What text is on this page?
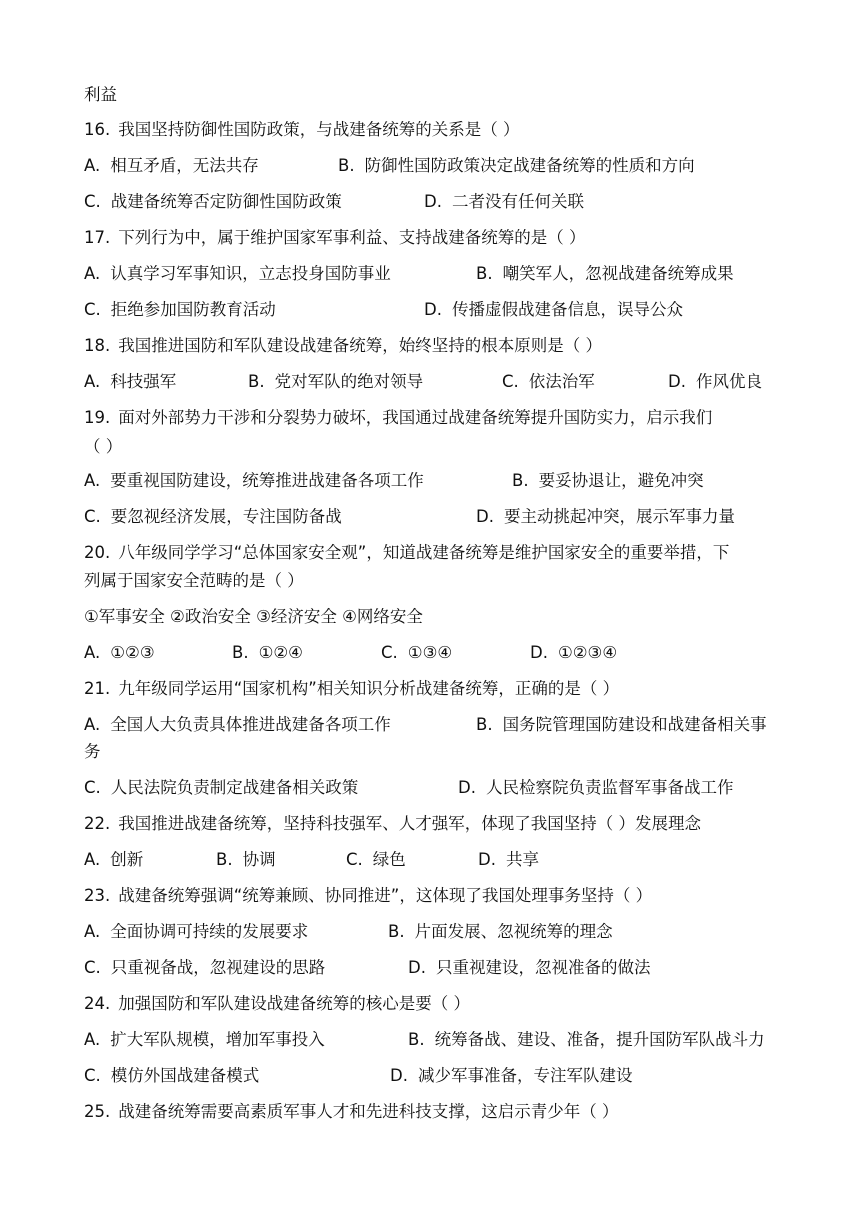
利益
16. 我国坚持防御性国防政策，与战建备统筹的关系是（ ）
A. 相互矛盾，无法共存	B. 防御性国防政策决定战建备统筹的性质和方向
C. 战建备统筹否定防御性国防政策	D. 二者没有任何关联
17. 下列行为中，属于维护国家军事利益、支持战建备统筹的是（ ）
A. 认真学习军事知识，立志投身国防事业	B. 嘲笑军人，忽视战建备统筹成果
C. 拒绝参加国防教育活动	D. 传播虚假战建备信息，误导公众
18. 我国推进国防和军队建设战建备统筹，始终坚持的根本原则是（ ）
A. 科技强军	B. 党对军队的绝对领导	C. 依法治军	D. 作风优良
19. 面对外部势力干涉和分裂势力破坏，我国通过战建备统筹提升国防实力，启示我们
（ ）
A. 要重视国防建设，统筹推进战建备各项工作	B. 要妥协退让，避免冲突
C. 要忽视经济发展，专注国防备战	D. 要主动挑起冲突，展示军事力量
20. 八年级同学学习“总体国家安全观”，知道战建备统筹是维护国家安全的重要举措，下
列属于国家安全范畴的是（ ）
①军事安全 ②政治安全 ③经济安全 ④网络安全
A. ①②③	B. ①②④	C. ①③④	D. ①②③④
21. 九年级同学运用“国家机构”相关知识分析战建备统筹，正确的是（ ）
A. 全国人大负责具体推进战建备各项工作	B. 国务院管理国防建设和战建备相关事
务
C. 人民法院负责制定战建备相关政策	D. 人民检察院负责监督军事备战工作
22. 我国推进战建备统筹，坚持科技强军、人才强军，体现了我国坚持（ ）发展理念
A. 创新	B. 协调	C. 绿色	D. 共享
23. 战建备统筹强调“统筹兼顾、协同推进”，这体现了我国处理事务坚持（ ）
A. 全面协调可持续的发展要求	B. 片面发展、忽视统筹的理念
C. 只重视备战，忽视建设的思路	D. 只重视建设，忽视准备的做法
24. 加强国防和军队建设战建备统筹的核心是要（ ）
A. 扩大军队规模，增加军事投入	B. 统筹备战、建设、准备，提升国防军队战斗力
C. 模仿外国战建备模式	D. 减少军事准备，专注军队建设
25. 战建备统筹需要高素质军事人才和先进科技支撑，这启示青少年（ ）
